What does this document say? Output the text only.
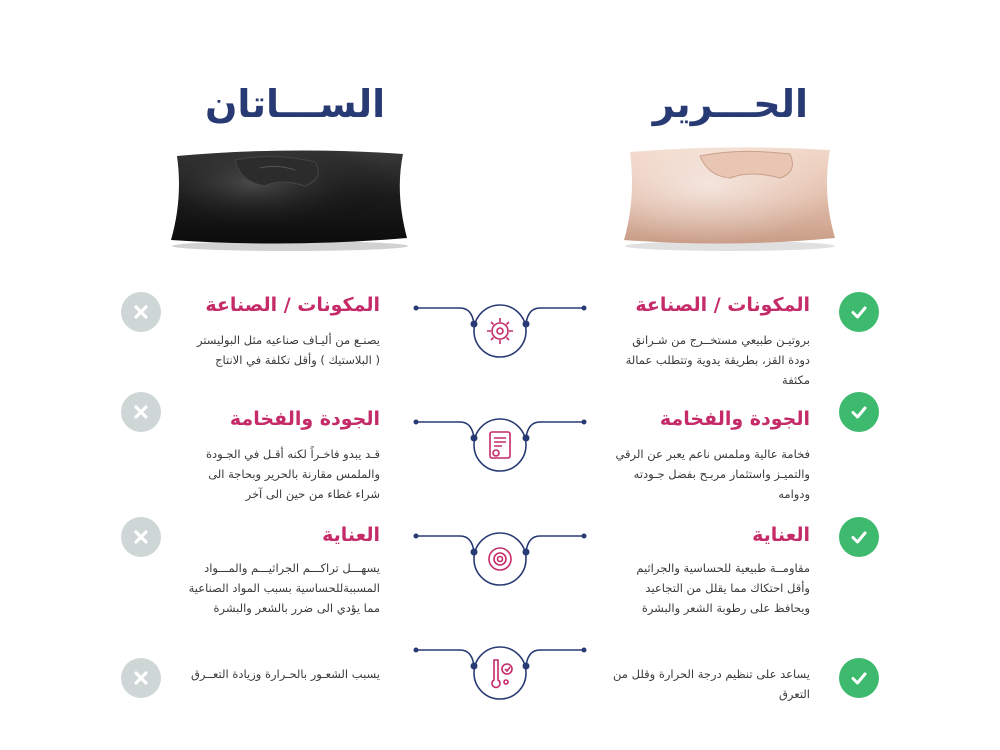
الحـــرير
الســـاتان
المكونات / الصناعة
بروتيـن طبيعي مستخــرج من شـرانق
دودة القز، بطريقة يدوية وتتطلب عمالة
مكثفة
المكونات / الصناعة
يصنـع من أليـاف صناعيه مثل البوليستر
( البلاستيك ) وأقل تكلفة في الانتاج
الجودة والفخامة
فخامة عالية وملمس ناعم يعبر عن الرقي
والتميـز واستثمار مربـح بفضل جـودته
ودوامه
الجودة والفخامة
قـد يبدو فاخـراً لكنه أقـل في الجـودة
والملمس مقارنة بالحرير وبحاجة الى
شراء غطاء من حين الى آخر
العناية
مقاومــة طبيعية للحساسية والجراثيم
وأقل احتكاك مما يقلل من التجاعيد
ويحافظ على رطوبة الشعر والبشرة
العناية
يسهـــل تراكـــم الجراثيـــم والمـــواد
المسببةللحساسية بسبب المواد الصناعية
مما يؤدي الى ضرر بالشعر والبشرة
يساعد على تنظيم درجة الحرارة وقلل من
التعرق
يسبب الشعـور بالحـرارة وزيادة التعــرق
